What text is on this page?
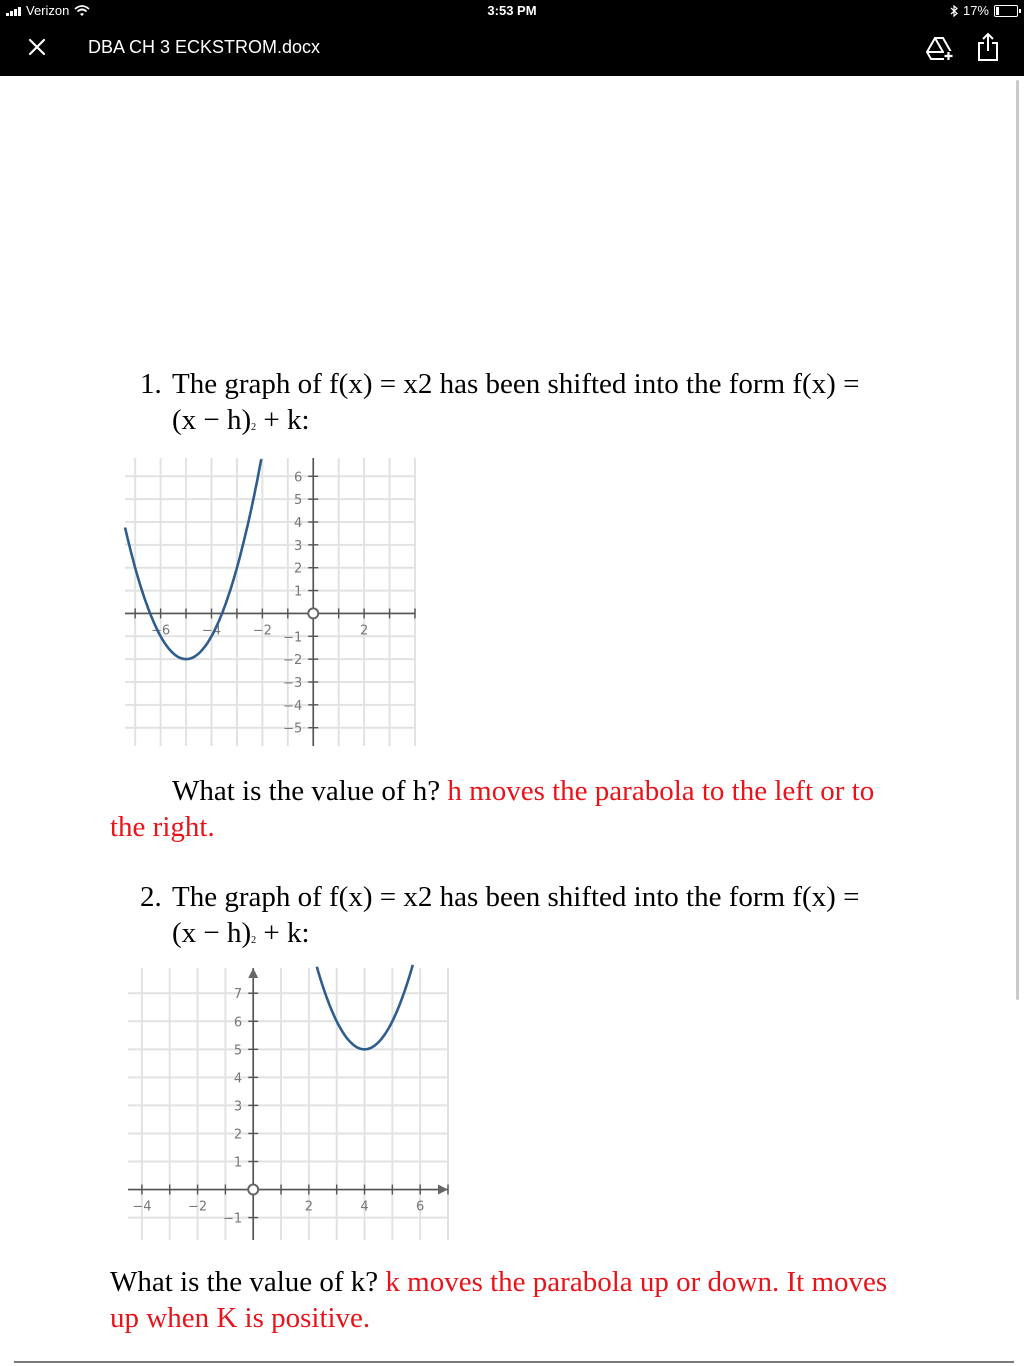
Verizon	3:53 PM	17%
DBA CH 3 ECKSTROM.docx
1. The graph of f(x) = x2 has been shifted into the form f(x) =
$(x - h)^2 + k$:
−6 −4 −2	2
6
5
4
3
2
1
−1
−2
−3
−4
−5
What is the value of h? h moves the parabola to the left or to the right.
2. The graph of f(x) = x2 has been shifted into the form f(x) =
$(x - h)^2 + k$:
−4	−2	2	4	6
7
6
5
4
3
2
1
−1
What is the value of k? k moves the parabola up or down. It moves up when K is positive.
